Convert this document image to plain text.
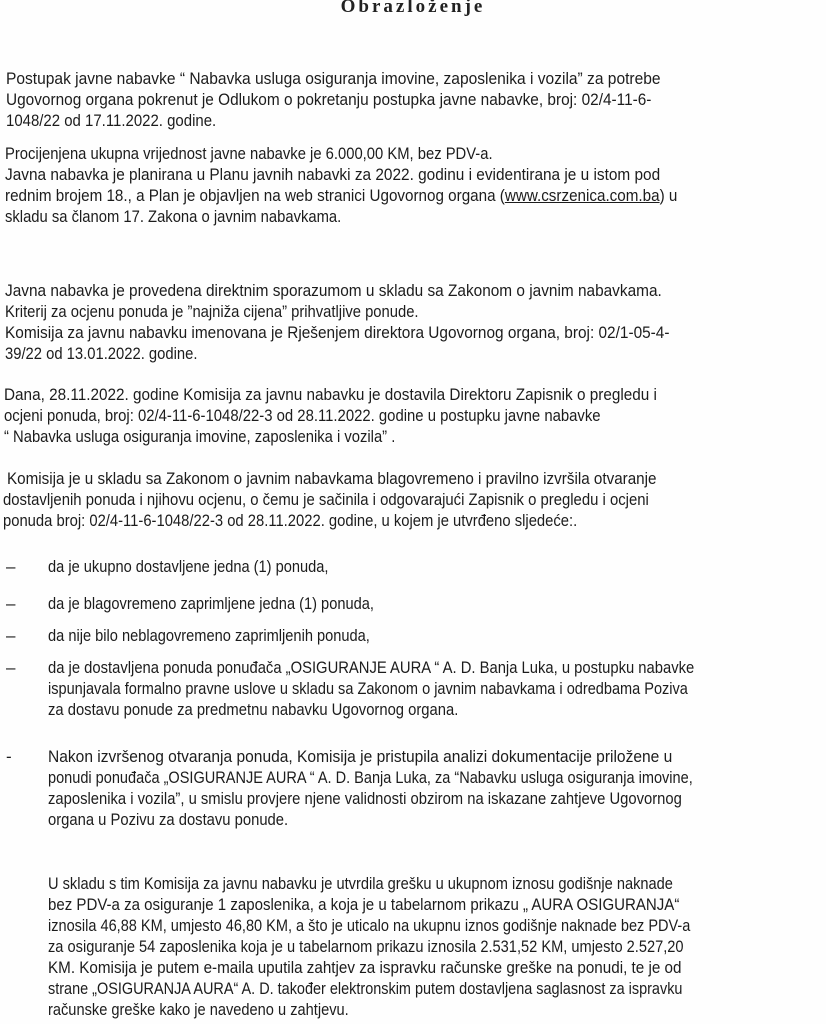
Obrazloženje
Postupak javne nabavke “ Nabavka usluga osiguranja imovine, zaposlenika i vozila” za potrebe
Ugovornog organa pokrenut je Odlukom o pokretanju postupka javne nabavke, broj: 02/4-11-6-
1048/22 od 17.11.2022. godine.
Procijenjena ukupna vrijednost javne nabavke je 6.000,00 KM, bez PDV-a.
Javna nabavka je planirana u Planu javnih nabavki za 2022. godinu i evidentirana je u istom pod
rednim brojem 18., a Plan je objavljen na web stranici Ugovornog organa (www.csrzenica.com.ba) u
skladu sa članom 17. Zakona o javnim nabavkama.
Javna nabavka je provedena direktnim sporazumom u skladu sa Zakonom o javnim nabavkama.
Kriterij za ocjenu ponuda je ”najniža cijena” prihvatljive ponude.
Komisija za javnu nabavku imenovana je Rješenjem direktora Ugovornog organa, broj: 02/1-05-4-
39/22 od 13.01.2022. godine.
Dana, 28.11.2022. godine Komisija za javnu nabavku je dostavila Direktoru Zapisnik o pregledu i
ocjeni ponuda, broj: 02/4-11-6-1048/22-3 od 28.11.2022. godine u postupku javne nabavke
“ Nabavka usluga osiguranja imovine, zaposlenika i vozila” .
Komisija je u skladu sa Zakonom o javnim nabavkama blagovremeno i pravilno izvršila otvaranje
dostavljenih ponuda i njihovu ocjenu, o čemu je sačinila i odgovarajući Zapisnik o pregledu i ocjeni
ponuda broj: 02/4-11-6-1048/22-3 od 28.11.2022. godine, u kojem je utvrđeno sljedeće:.
– da je ukupno dostavljene jedna (1) ponuda,
– da je blagovremeno zaprimljene jedna (1) ponuda,
– da nije bilo neblagovremeno zaprimljenih ponuda,
– da je dostavljena ponuda ponuđača „OSIGURANJE AURA “ A. D. Banja Luka, u postupku nabavke
ispunjavala formalno pravne uslove u skladu sa Zakonom o javnim nabavkama i odredbama Poziva
za dostavu ponude za predmetnu nabavku Ugovornog organa.
- Nakon izvršenog otvaranja ponuda, Komisija je pristupila analizi dokumentacije priložene u
ponudi ponuđača „OSIGURANJE AURA “ A. D. Banja Luka, za “Nabavku usluga osiguranja imovine,
zaposlenika i vozila”, u smislu provjere njene validnosti obzirom na iskazane zahtjeve Ugovornog
organa u Pozivu za dostavu ponude.
U skladu s tim Komisija za javnu nabavku je utvrdila grešku u ukupnom iznosu godišnje naknade
bez PDV-a za osiguranje 1 zaposlenika, a koja je u tabelarnom prikazu „ AURA OSIGURANJA“
iznosila 46,88 KM, umjesto 46,80 KM, a što je uticalo na ukupnu iznos godišnje naknade bez PDV-a
za osiguranje 54 zaposlenika koja je u tabelarnom prikazu iznosila 2.531,52 KM, umjesto 2.527,20
KM. Komisija je putem e-maila uputila zahtjev za ispravku računske greške na ponudi, te je od
strane „OSIGURANJA AURA“ A. D. također elektronskim putem dostavljena saglasnost za ispravku
računske greške kako je navedeno u zahtjevu.
